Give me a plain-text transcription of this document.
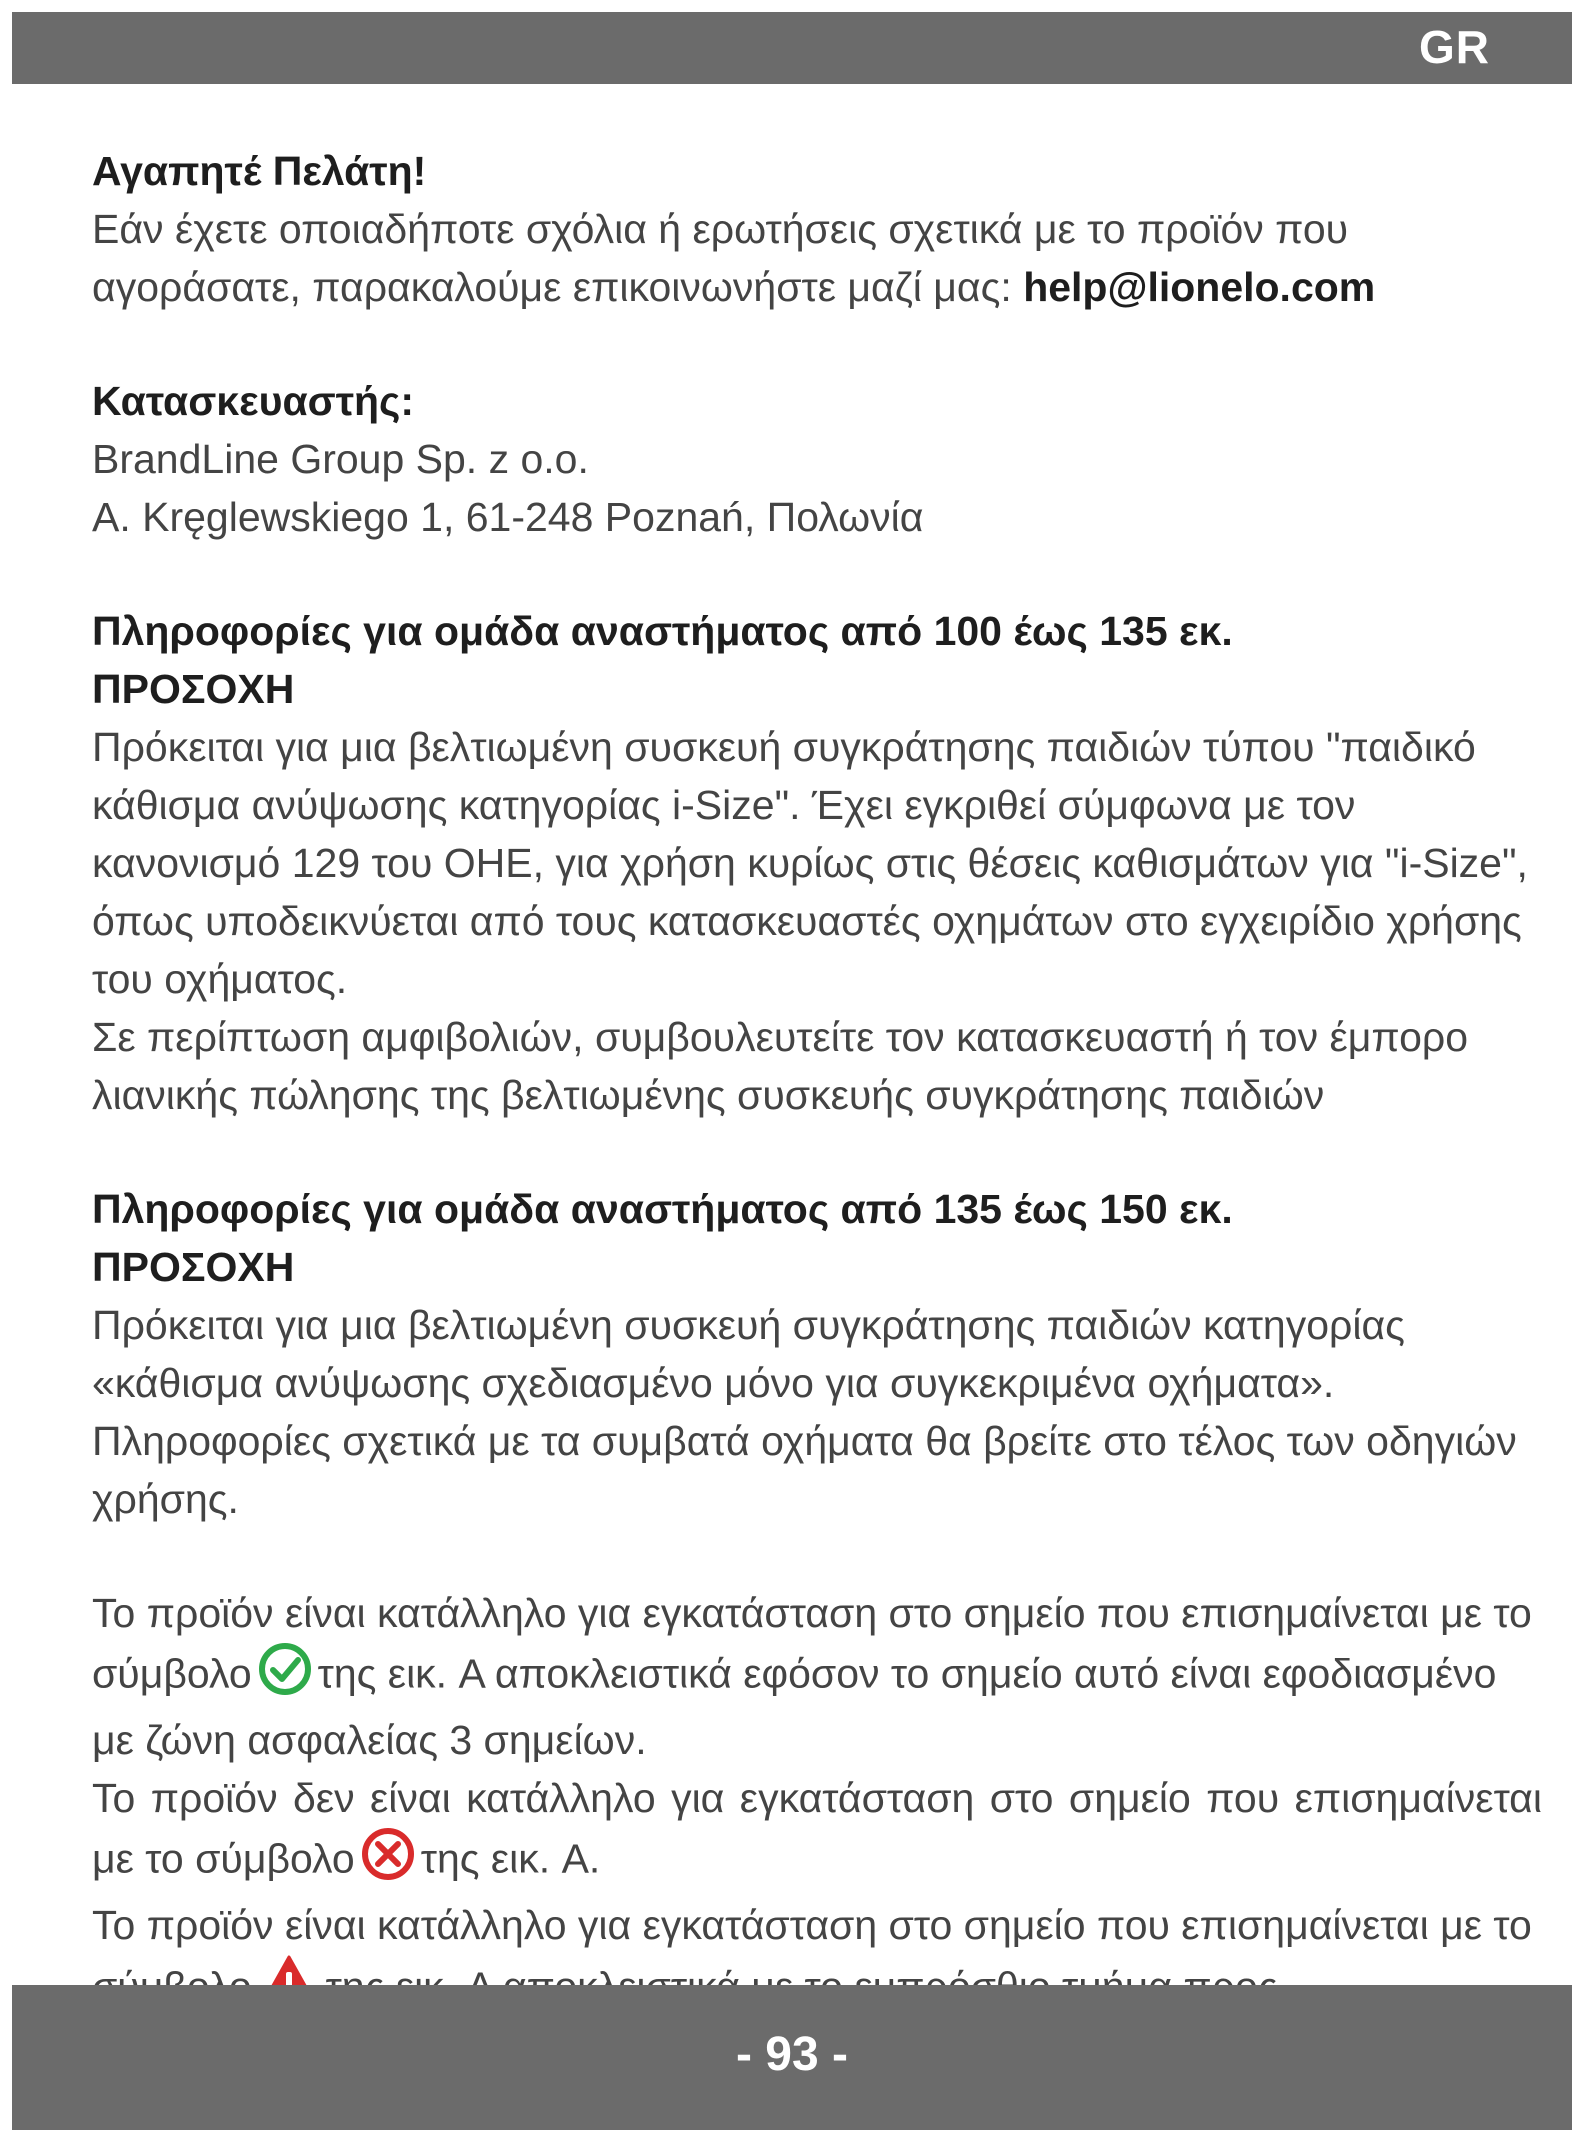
GR
Αγαπητέ Πελάτη!
Εάν έχετε οποιαδήποτε σχόλια ή ερωτήσεις σχετικά με το προϊόν που αγοράσατε, παρακαλούμε επικοινωνήστε μαζί μας: help@lionelo.com
Κατασκευαστής:
BrandLine Group Sp. z o.o.
A. Kręglewskiego 1, 61-248 Poznań, Πολωνία
Πληροφορίες για ομάδα αναστήματος από 100 έως 135 εκ.
ΠΡΟΣΟΧΗ
Πρόκειται για μια βελτιωμένη συσκευή συγκράτησης παιδιών τύπου "παιδικό κάθισμα ανύψωσης κατηγορίας i-Size". Έχει εγκριθεί σύμφωνα με τον κανονισμό 129 του ΟΗΕ, για χρήση κυρίως στις θέσεις καθισμάτων για "i-Size", όπως υποδεικνύεται από τους κατασκευαστές οχημάτων στο εγχειρίδιο χρήσης του οχήματος.
Σε περίπτωση αμφιβολιών, συμβουλευτείτε τον κατασκευαστή ή τον έμπορο λιανικής πώλησης της βελτιωμένης συσκευής συγκράτησης παιδιών
Πληροφορίες για ομάδα αναστήματος από 135 έως 150 εκ.
ΠΡΟΣΟΧΗ
Πρόκειται για μια βελτιωμένη συσκευή συγκράτησης παιδιών κατηγορίας «κάθισμα ανύψωσης σχεδιασμένο μόνο για συγκεκριμένα οχήματα». Πληροφορίες σχετικά με τα συμβατά οχήματα θα βρείτε στο τέλος των οδηγιών χρήσης.
Το προϊόν είναι κατάλληλο για εγκατάσταση στο σημείο που επισημαίνεται με το σύμβολο της εικ. A αποκλειστικά εφόσον το σημείο αυτό είναι εφοδιασμένο με ζώνη ασφαλείας 3 σημείων.
Το προϊόν δεν είναι κατάλληλο για εγκατάσταση στο σημείο που επισημαίνεται με το σύμβολο της εικ. A.
Το προϊόν είναι κατάλληλο για εγκατάσταση στο σημείο που επισημαίνεται με το
- 93 -
